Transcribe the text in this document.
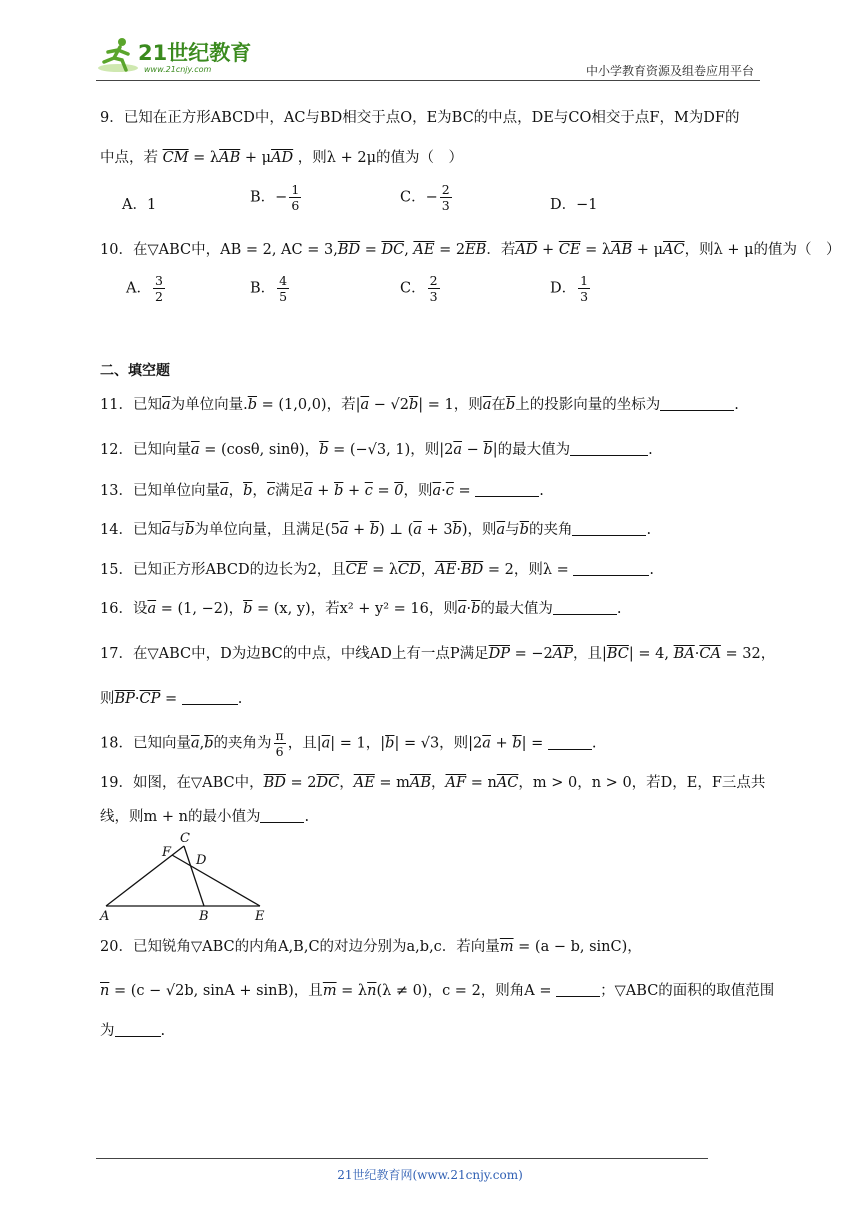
21世纪教育
www.21cnjy.com	中小学教育资源及组卷应用平台
9．已知在正方形ABCD中，AC与BD相交于点O，E为BC的中点，DE与CO相交于点F，M为DF的
中点，若 $\overline{CM} = \lambda\overline{AB} + \mu\overline{AD}$ ，则λ + 2μ的值为（　）
A．1	B．− $\frac{1}{6}$	C．− $\frac{2}{3}$	D．−1
10．在▽ABC中，AB = 2, AC = $3,\overline{BD} = \overline{DC}$, $\overline{AE} = 2\overline{EB}$．若$\overline{AD} + \overline{CE} = \lambda\overline{AB} + \mu\overline{AC}$，则λ + μ的值为（　）
A． $\frac{3}{2}$	B． $\frac{4}{5}$	C． $\frac{2}{3}$	D． $\frac{1}{3}$
二、填空题
11．已知$\overline{a}$为单位向量$.\overline{b} = (1,0,0)$，若$|\overline{a} - √2\overline{b}| = 1$，则$\overline{a}$在$\overline{b}$上的投影向量的坐标为	.
12．已知向量$\overline{a} = (\cos\theta$, sinθ)，$\overline{b} = (-√3$, 1)，则$|2\overline{a} - \overline{b}|$的最大值为	.
13．已知单位向量$\overline{a}$，$\overline{b}$，$\overline{c}$满足$\overline{a} + \overline{b} + \overline{c} = 0$，则$\overline{a}\cdot\overline{c}$ =	.
14．已知$\overline{a}$与$\overline{b}$为单位向量，且满足$(5\overline{a} + \overline{b})$ ⊥ $(\overline{a} + 3\overline{b})$，则$\overline{a}$与$\overline{b}$的夹角	.
15．已知正方形ABCD的边长为2，且$\overline{CE} = \lambda\overline{CD}$，$\overline{AE}\cdot\overline{BD} = 2$，则λ =	.
16．设$\overline{a} = (1$, −2)，$\overline{b} = (x$, y)，若x² + y² = 16，则$\overline{a}\cdot\overline{b}$的最大值为	.
17．在▽ABC中，D为边BC的中点，中线AD上有一点P满足$\overline{DP} = -2\overline{AP}$，且$|\overline{BC}| = 4$, $\overline{BA}\cdot\overline{CA} = 32$，
则$\overline{BP}\cdot\overline{CP}$ =	.
18．已知向量$\overline{a},\overline{b}$的夹角为 $\frac{\pi}{6}$ ，且$|\overline{a}| = 1$，$|\overline{b}| = √3$，则$|2\overline{a} + \overline{b}|$ =	.
19．如图，在▽ABC中，$\overline{BD} = 2\overline{DC}$，$\overline{AE} = m\overline{AB}$，$\overline{AF} = n\overline{AC}$，m > 0，n > 0，若D，E，F三点共
线，则m + n的最小值为	.
C
F
D
A	B	E
20．已知锐角▽ABC的内角A,B,C的对边分别为a,b,c．若向量$\overline{m} = (a - b$, sinC)，
$\overline{n} = (c - √2b$, sinA + sinB)，且$\overline{m} = \lambda\overline{n}(\lambda \ne 0)$，c = 2，则角A =	；▽ABC的面积的取值范围
为	.
21世纪教育网(www.21cnjy.com)
